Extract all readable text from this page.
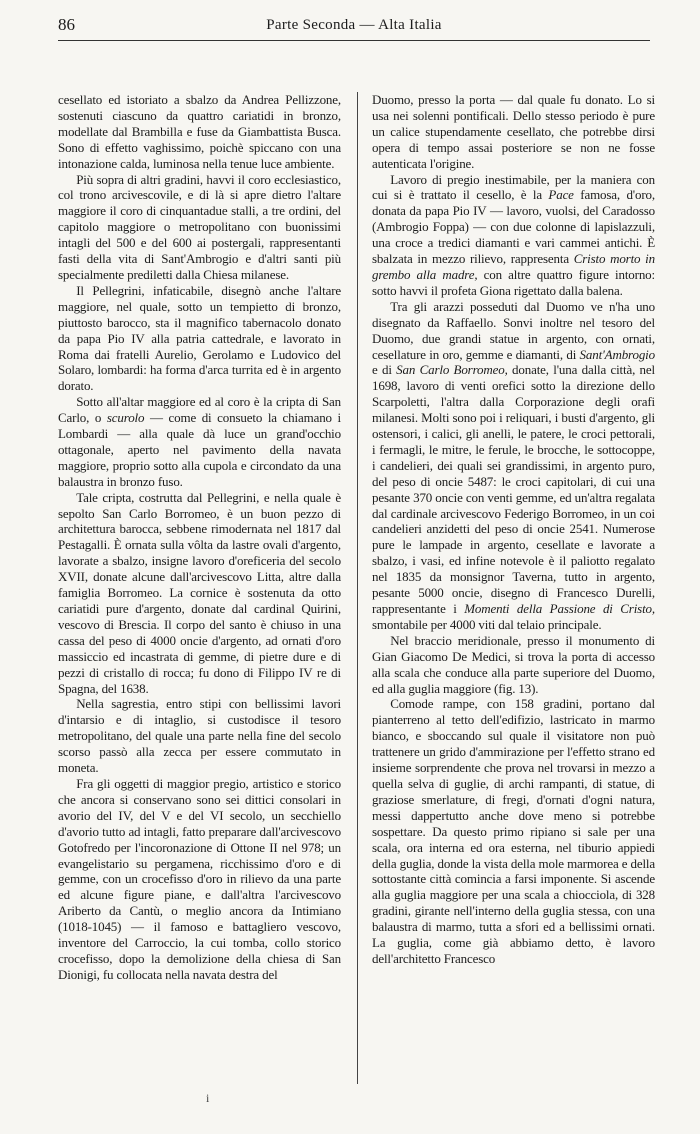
86	Parte Seconda — Alta Italia

cesellato ed istoriato a sbalzo da Andrea Pellizzone, sostenuti ciascuno da quattro cariatidi in bronzo, modellate dal Brambilla e fuse da Giambattista Busca. Sono di effetto vaghissimo, poichè spiccano con una intonazione calda, luminosa nella tenue luce ambiente.

Più sopra di altri gradini, havvi il coro ecclesiastico, col trono arcivescovile, e di là si apre dietro l'altare maggiore il coro di cinquantadue stalli, a tre ordini, del capitolo maggiore o metropolitano con buonissimi intagli del 500 e del 600 ai postergali, rappresentanti fasti della vita di Sant'Ambrogio e d'altri santi più specialmente prediletti dalla Chiesa milanese.

Il Pellegrini, infaticabile, disegnò anche l'altare maggiore, nel quale, sotto un tempietto di bronzo, piuttosto barocco, sta il magnifico tabernacolo donato da papa Pio IV alla patria cattedrale, e lavorato in Roma dai fratelli Aurelio, Gerolamo e Ludovico del Solaro, lombardi: ha forma d'arca turrita ed è in argento dorato.

Sotto all'altar maggiore ed al coro è la cripta di San Carlo, o scurolo — come di consueto la chiamano i Lombardi — alla quale dà luce un grand'occhio ottagonale, aperto nel pavimento della navata maggiore, proprio sotto alla cupola e circondato da una balaustra in bronzo fuso.

Tale cripta, costrutta dal Pellegrini, e nella quale è sepolto San Carlo Borromeo, è un buon pezzo di architettura barocca, sebbene rimodernata nel 1817 dal Pestagalli. È ornata sulla vôlta da lastre ovali d'argento, lavorate a sbalzo, insigne lavoro d'oreficeria del secolo XVII, donate alcune dall'arcivescovo Litta, altre dalla famiglia Borromeo. La cornice è sostenuta da otto cariatidi pure d'argento, donate dal cardinal Quirini, vescovo di Brescia. Il corpo del santo è chiuso in una cassa del peso di 4000 oncie d'argento, ad ornati d'oro massiccio ed incastrata di gemme, di pietre dure e di pezzi di cristallo di rocca; fu dono di Filippo IV re di Spagna, del 1638.

Nella sagrestia, entro stipi con bellissimi lavori d'intarsio e di intaglio, si custodisce il tesoro metropolitano, del quale una parte nella fine del secolo scorso passò alla zecca per essere commutato in moneta.

Fra gli oggetti di maggior pregio, artistico e storico che ancora si conservano sono sei dittici consolari in avorio del IV, del V e del VI secolo, un secchiello d'avorio tutto ad intagli, fatto preparare dall'arcivescovo Gotofredo per l'incoronazione di Ottone II nel 978; un evangelistario su pergamena, ricchissimo d'oro e di gemme, con un crocefisso d'oro in rilievo da una parte ed alcune figure piane, e dall'altra l'arcivescovo Ariberto da Cantù, o meglio ancora da Intimiano (1018-1045) — il famoso e battagliero vescovo, inventore del Carroccio, la cui tomba, collo storico crocefisso, dopo la demolizione della chiesa di San Dionigi, fu collocata nella navata destra del

Duomo, presso la porta — dal quale fu donato. Lo si usa nei solenni pontificali. Dello stesso periodo è pure un calice stupendamente cesellato, che potrebbe dirsi opera di tempo assai posteriore se non ne fosse autenticata l'origine.

Lavoro di pregio inestimabile, per la maniera con cui si è trattato il cesello, è la Pace famosa, d'oro, donata da papa Pio IV — lavoro, vuolsi, del Caradosso (Ambrogio Foppa) — con due colonne di lapislazzuli, una croce a tredici diamanti e vari cammei antichi. È sbalzata in mezzo rilievo, rappresenta Cristo morto in grembo alla madre, con altre quattro figure intorno: sotto havvi il profeta Giona rigettato dalla balena.

Tra gli arazzi posseduti dal Duomo ve n'ha uno disegnato da Raffaello. Sonvi inoltre nel tesoro del Duomo, due grandi statue in argento, con ornati, cesellature in oro, gemme e diamanti, di Sant'Ambrogio e di San Carlo Borromeo, donate, l'una dalla città, nel 1698, lavoro di venti orefici sotto la direzione dello Scarpoletti, l'altra dalla Corporazione degli orafi milanesi. Molti sono poi i reliquari, i busti d'argento, gli ostensori, i calici, gli anelli, le patere, le croci pettorali, i fermagli, le mitre, le ferule, le brocche, le sottocoppe, i candelieri, dei quali sei grandissimi, in argento puro, del peso di oncie 5487: le croci capitolari, di cui una pesante 370 oncie con venti gemme, ed un'altra regalata dal cardinale arcivescovo Federigo Borromeo, in un coi candelieri anzidetti del peso di oncie 2541. Numerose pure le lampade in argento, cesellate e lavorate a sbalzo, i vasi, ed infine notevole è il paliotto regalato nel 1835 da monsignor Taverna, tutto in argento, pesante 5000 oncie, disegno di Francesco Durelli, rappresentante i Momenti della Passione di Cristo, smontabile per 4000 viti dal telaio principale.

Nel braccio meridionale, presso il monumento di Gian Giacomo De Medici, si trova la porta di accesso alla scala che conduce alla parte superiore del Duomo, ed alla guglia maggiore (fig. 13).

Comode rampe, con 158 gradini, portano dal pianterreno al tetto dell'edifizio, lastricato in marmo bianco, e sboccando sul quale il visitatore non può trattenere un grido d'ammirazione per l'effetto strano ed insieme sorprendente che prova nel trovarsi in mezzo a quella selva di guglie, di archi rampanti, di statue, di graziose smerlature, di fregi, d'ornati d'ogni natura, messi dappertutto anche dove meno si potrebbe sospettare. Da questo primo ripiano si sale per una scala, ora interna ed ora esterna, nel tiburio appiedi della guglia, donde la vista della mole marmorea e della sottostante città comincia a farsi imponente. Si ascende alla guglia maggiore per una scala a chiocciola, di 328 gradini, girante nell'interno della guglia stessa, con una balaustra di marmo, tutta a sfori ed a bellissimi ornati. La guglia, come già abbiamo detto, è lavoro dell'architetto Francesco

i
